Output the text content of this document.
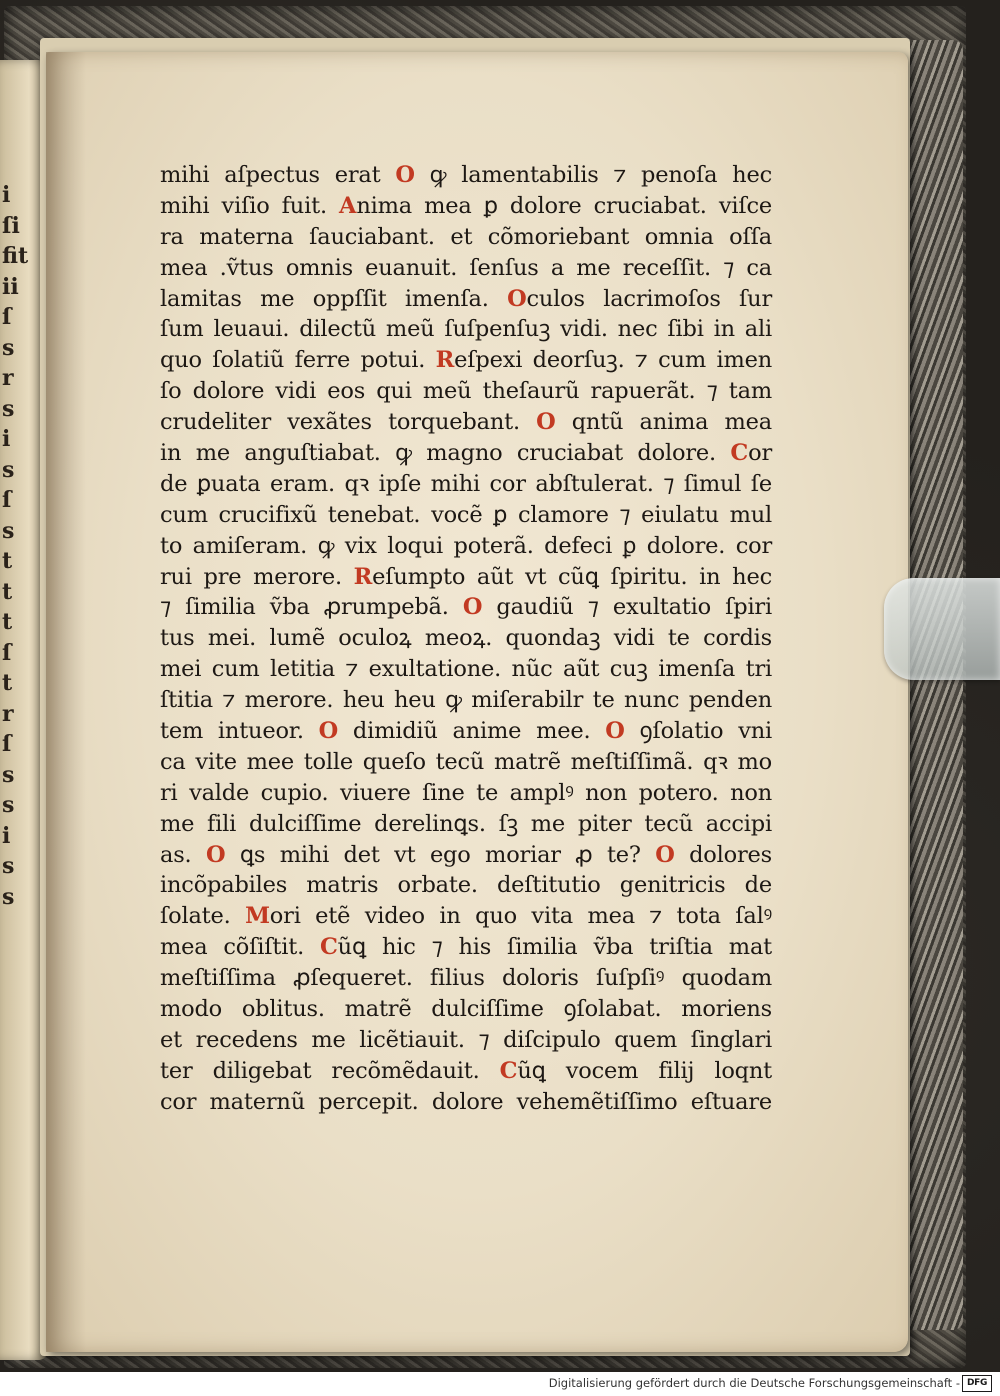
i
ſi
fit
ii
ſ
s
r
s
i
s
ſ
s
t
t
t
ſ
t
r
ſ
s
s
i
s
s
mihi aſpectus erat O ꝙ lamentabilis ⁊ penoſa hec
mihi viſio fuit. Anima mea ꝑ dolore cruciabat. viſce
ra materna ſauciabant. et cõmoriebant omnia oſſa
mea .ṽtus omnis euanuit. ſenſus a me receſſit. ⁊ ca
lamitas me oppſſit imenſa. Oculos lacrimoſos ſur
ſum leuaui. dilectũ meũ ſuſpenſuꝫ vidi. nec ſibi in ali
quo ſolatiũ ferre potui. Reſpexi deorſuꝫ. ⁊ cum imen
ſo dolore vidi eos qui meũ theſaurũ rapuerãt. ⁊ tam
crudeliter vexãtes torquebant. O qntũ anima mea
in me anguſtiabat. ꝙ magno cruciabat dolore. Cor
de ꝑuata eram. qꝛ ipſe mihi cor abſtulerat. ⁊ ſimul ſe
cum crucifixũ tenebat. vocẽ ꝑ clamore ⁊ eiulatu mul
to amiſeram. ꝙ vix loqui poterã. defeci ꝑ dolore. cor
rui pre merore. Reſumpto aũt vt cũꝗ ſpiritu. in hec
⁊ ſimilia ṽba ꝓrumpebã. O gaudiũ ⁊ exultatio ſpiri
tus mei. lumẽ oculoꝝ meoꝝ. quondaꝫ vidi te cordis
mei cum letitia ⁊ exultatione. nũc aũt cuꝫ imenſa tri
ſtitia ⁊ merore. heu heu ꝙ miſerabilr te nunc penden
tem intueor. O dimidiũ anime mee. O ꝯſolatio vni
ca vite mee tolle queſo tecũ matrẽ meſtiſſimã. qꝛ mo
ri valde cupio. viuere ſine te amplꝰ non potero. non
me fili dulciſſime derelinꝗs. ſꝫ me piter tecũ accipi
as. O ꝗs mihi det vt ego moriar ꝓ te? O dolores
incõpabiles matris orbate. deſtitutio genitricis de
ſolate. Mori etẽ video in quo vita mea ⁊ tota ſalꝰ
mea cõſiſtit. Cũꝗ hic ⁊ his ſimilia ṽba triſtia mat
meſtiſſima ꝓſequeret. filius doloris ſuſpſiꝰ quodam
modo oblitus. matrẽ dulciſſime ꝯſolabat. moriens
et recedens me licẽtiauit. ⁊ diſcipulo quem ſinglari
ter diligebat recõmẽdauit. Cũꝗ vocem filij loqnt
cor maternũ percepit. dolore vehemẽtiſſimo eſtuare
Digitalisierung gefördert durch die Deutsche Forschungsgemeinschaft - DFG
